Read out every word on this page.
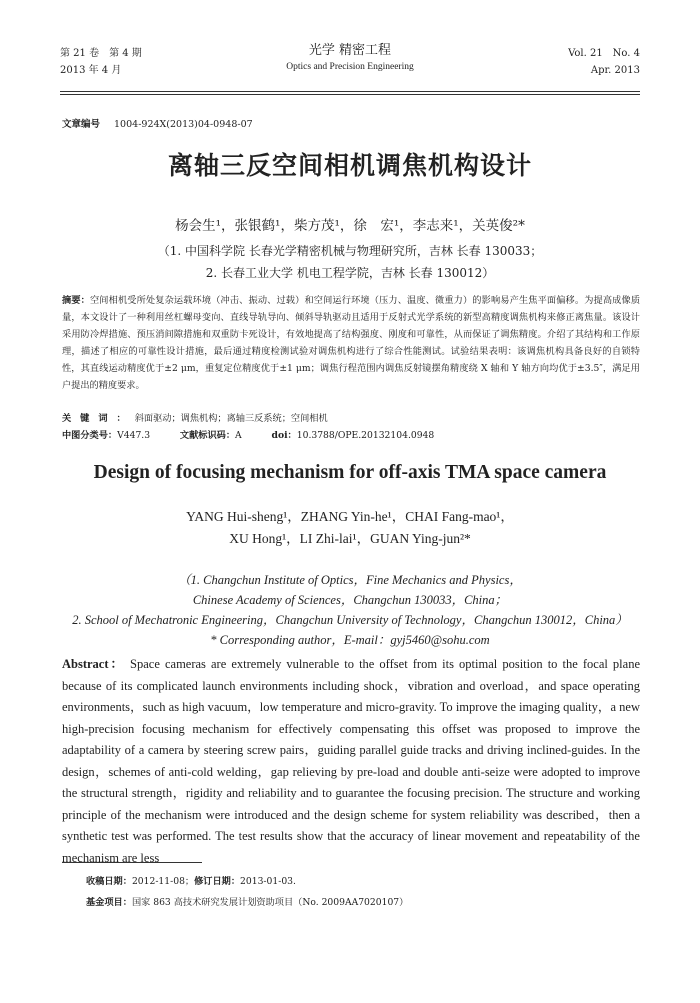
第 21 卷　第 4 期
2013 年 4 月
光学 精密工程
Optics and Precision Engineering
Vol. 21　No. 4
Apr. 2013
文章编号 1004-924X(2013)04-0948-07
离轴三反空间相机调焦机构设计
杨会生¹，张银鹤¹，柴方茂¹，徐　宏¹，李志来¹，关英俊²*
（1. 中国科学院 长春光学精密机械与物理研究所，吉林 长春 130033；
2. 长春工业大学 机电工程学院，吉林 长春 130012）
摘要：空间相机受所处复杂运载环境（冲击、振动、过载）和空间运行环境（压力、温度、微重力）的影响易产生焦平面偏移。为提高成像质量，本文设计了一种利用丝杠螺母变向、直线导轨导向、倾斜导轨驱动且适用于反射式光学系统的新型高精度调焦机构来修正离焦量。该设计采用防冷焊措施、预压消间隙措施和双重防卡死设计，有效地提高了结构强度、刚度和可靠性，从而保证了调焦精度。介绍了其结构和工作原理，描述了相应的可靠性设计措施，最后通过精度检测试验对调焦机构进行了综合性能测试。试验结果表明：该调焦机构具备良好的自锁特性，其直线运动精度优于±2 μm，重复定位精度优于±1 μm；调焦行程范围内调焦反射镜摆角精度绕 X 轴和 Y 轴方向均优于±3.5″，满足用户提出的精度要求。
关键词：斜面驱动；调焦机构；离轴三反系统；空间相机
中图分类号：V447.3	文献标识码：A	doi：10.3788/OPE.20132104.0948
Design of focusing mechanism for off-axis TMA space camera
YANG Hui-sheng¹，ZHANG Yin-he¹，CHAI Fang-mao¹，
XU Hong¹，LI Zhi-lai¹，GUAN Ying-jun²*
（1. Changchun Institute of Optics，Fine Mechanics and Physics，
Chinese Academy of Sciences，Changchun 130033，China；
2. School of Mechatronic Engineering，Changchun University of Technology，Changchun 130012，China）
* Corresponding author，E-mail：gyj5460@sohu.com
Abstract： Space cameras are extremely vulnerable to the offset from its optimal position to the focal plane because of its complicated launch environments including shock，vibration and overload，and space operating environments，such as high vacuum，low temperature and micro-gravity. To improve the imaging quality，a new high-precision focusing mechanism for effectively compensating this offset was proposed to improve the adaptability of a camera by steering screw pairs，guiding parallel guide tracks and driving inclined-guides. In the design，schemes of anti-cold welding，gap relieving by pre-load and double anti-seize were adopted to improve the structural strength，rigidity and reliability and to guarantee the focusing precision. The structure and working principle of the mechanism were introduced and the design scheme for system reliability was described，then a synthetic test was performed. The test results show that the accuracy of linear movement and repeatability of the mechanism are less
收稿日期：2012-11-08；修订日期：2013-01-03.
基金项目：国家 863 高技术研究发展计划资助项目（No. 2009AA7020107）
